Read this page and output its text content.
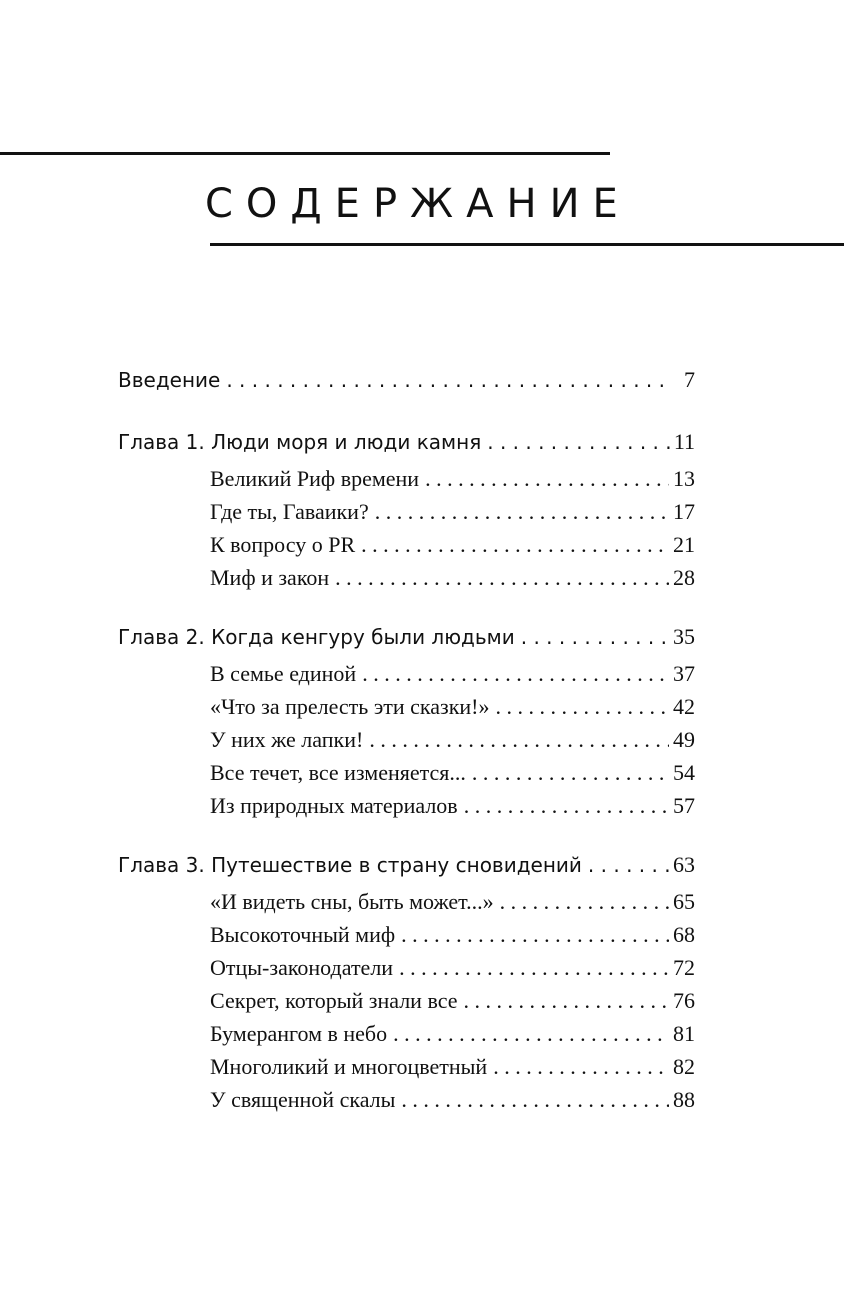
СОДЕРЖАНИЕ
Введение . . .	7
Глава 1. Люди моря и люди камня . . .	11
Великий Риф времени . . .	13
Где ты, Гаваики? . . .	17
К вопросу о PR . . .	21
Миф и закон . . .	28
Глава 2. Когда кенгуру были людьми . . .	35
В семье единой . . .	37
«Что за прелесть эти сказки!» . . .	42
У них же лапки! . . .	49
Все течет, все изменяется... . . .	54
Из природных материалов . . .	57
Глава 3. Путешествие в страну сновидений . . .	63
«И видеть сны, быть может...» . . .	65
Высокоточный миф . . .	68
Отцы-законодатели . . .	72
Секрет, который знали все . . .	76
Бумерангом в небо . . .	81
Многоликий и многоцветный . . .	82
У священной скалы . . .	88
